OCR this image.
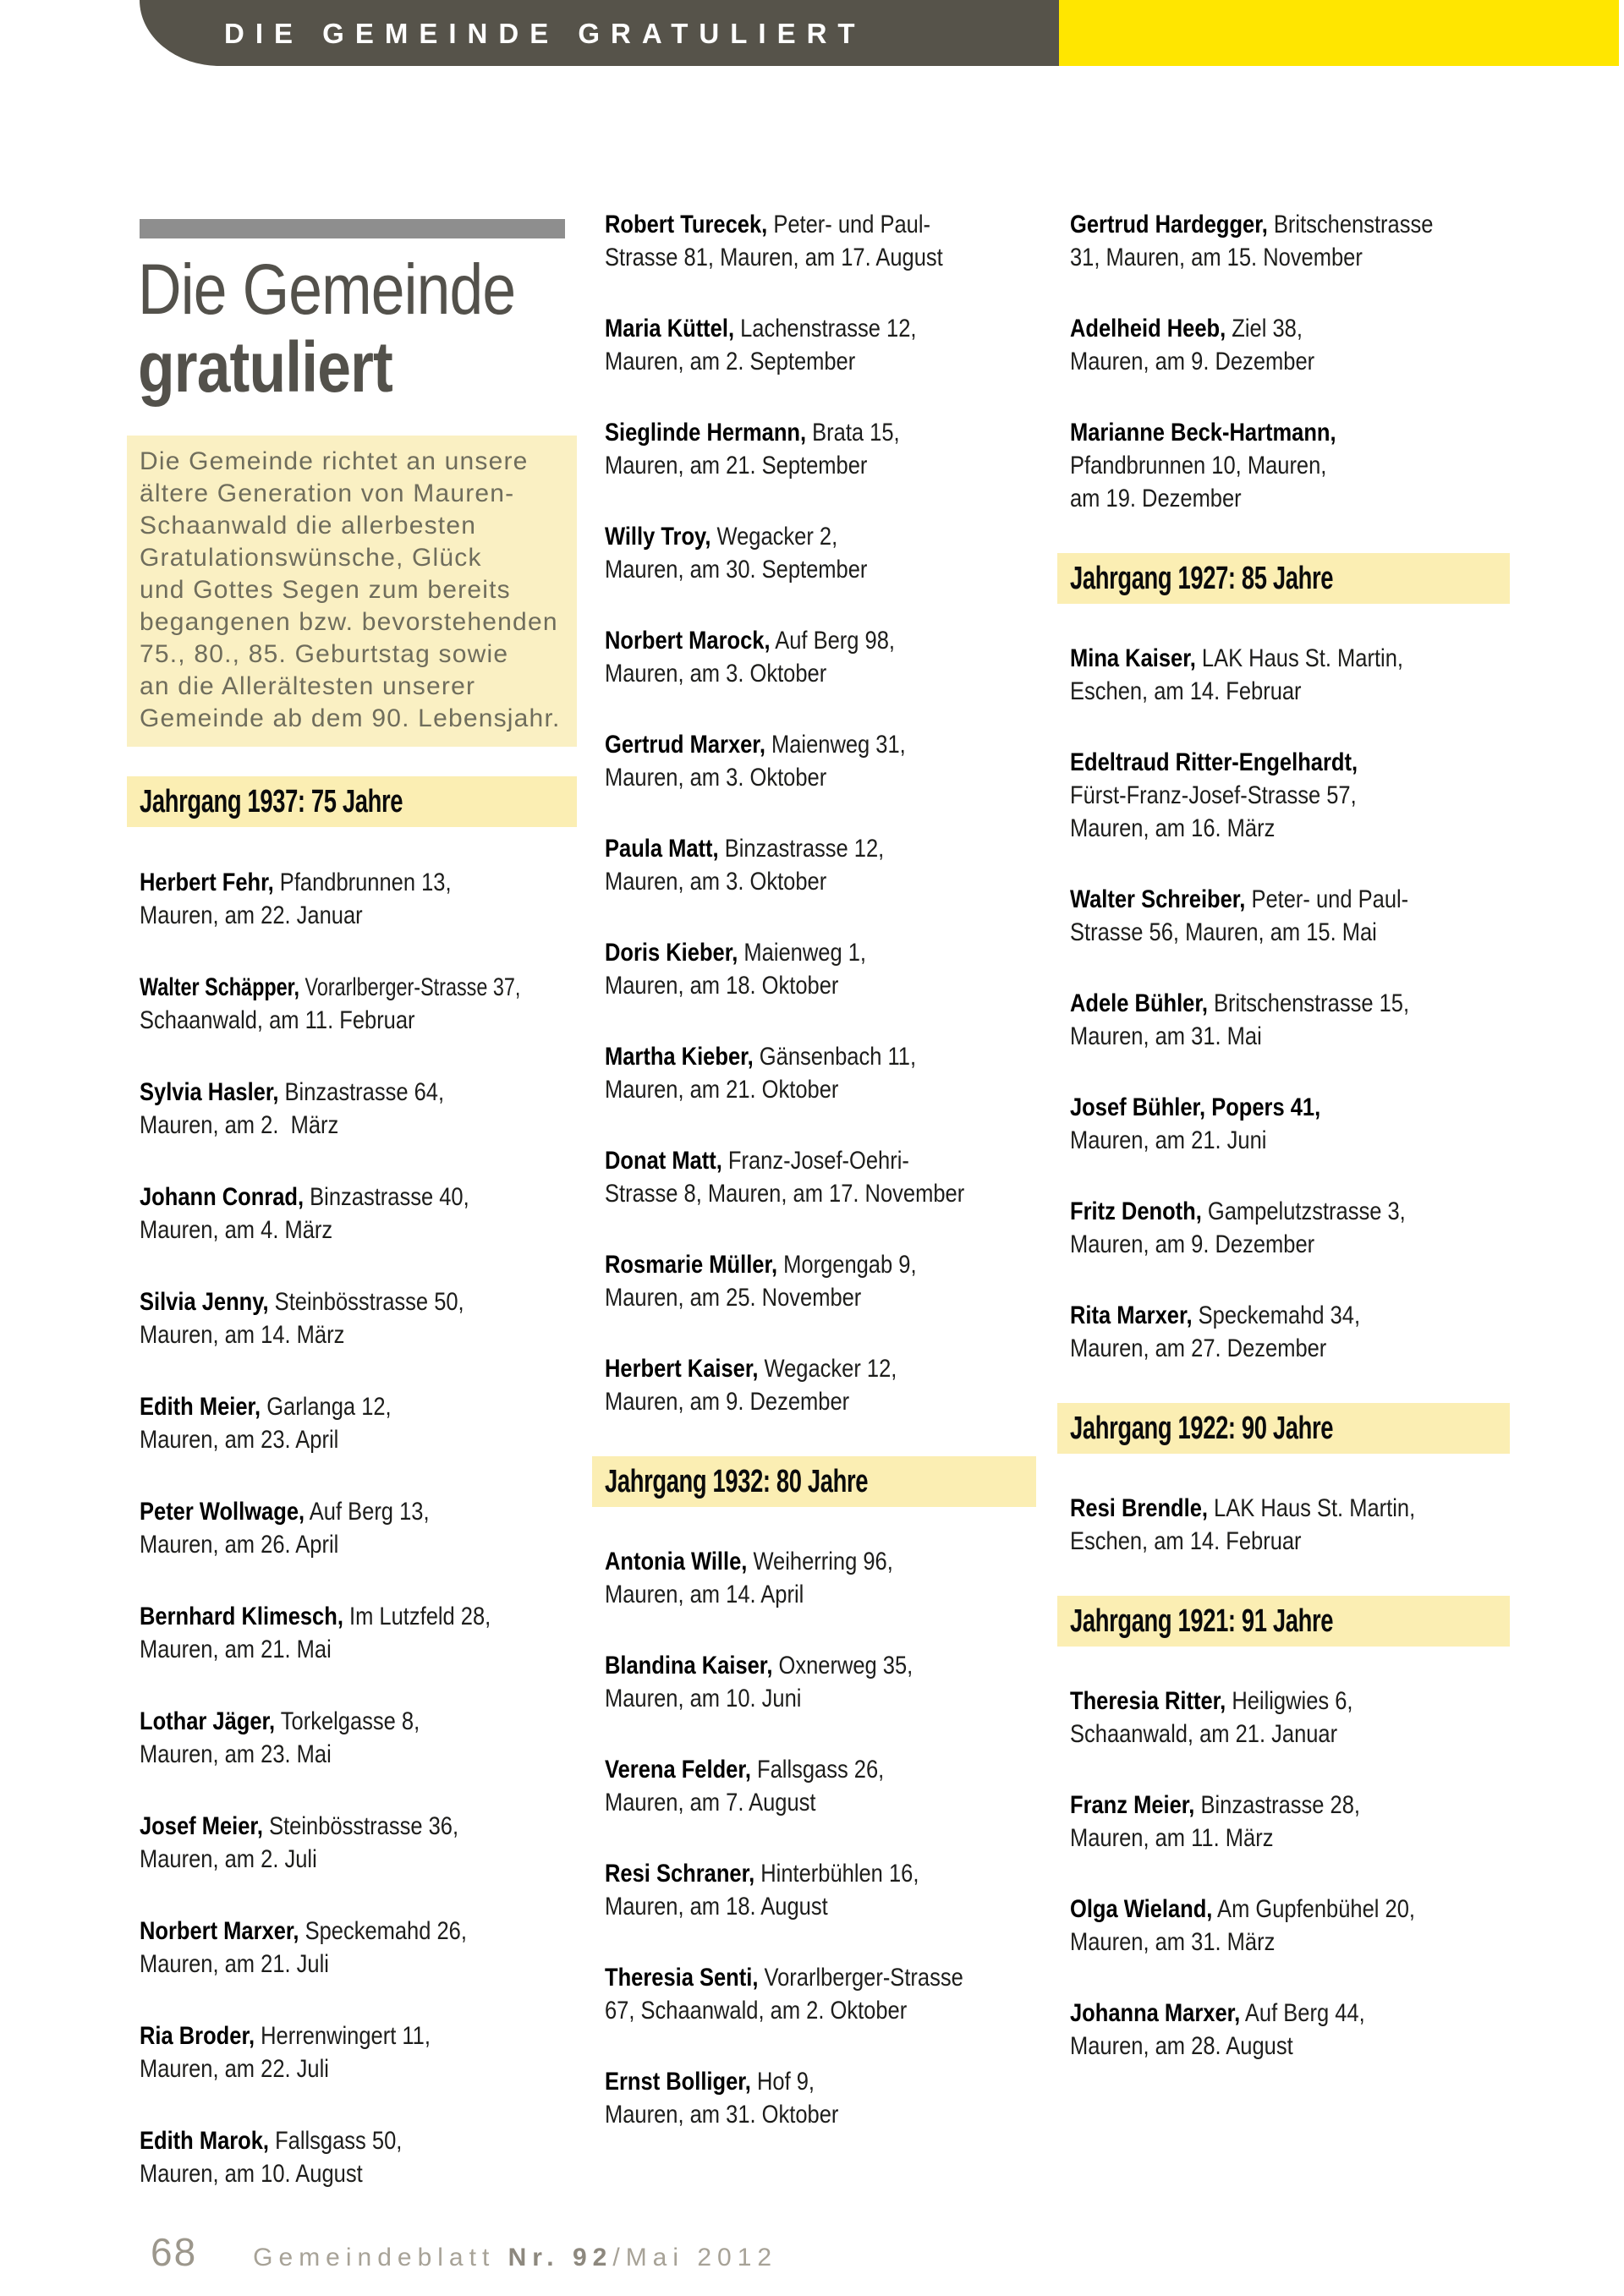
DIE GEMEINDE GRATULIERT
Die Gemeinde
gratuliert
Die Gemeinde richtet an unsere
ältere Generation von Mauren-
Schaanwald die allerbesten
Gratulationswünsche, Glück
und Gottes Segen zum bereits
begangenen bzw. bevorstehenden
75., 80., 85. Geburtstag sowie
an die Allerältesten unserer
Gemeinde ab dem 90. Lebensjahr.
Jahrgang 1937: 75 Jahre

Herbert Fehr, Pfandbrunnen 13,

Mauren, am 22. Januar

Walter Schäpper, Vorarlberger-Strasse 37,

Schaanwald, am 11. Februar

Sylvia Hasler, Binzastrasse 64,

Mauren, am 2.  März

Johann Conrad, Binzastrasse 40,

Mauren, am 4. März

Silvia Jenny, Steinbösstrasse 50,

Mauren, am 14. März

Edith Meier, Garlanga 12,

Mauren, am 23. April

Peter Wollwage, Auf Berg 13,

Mauren, am 26. April

Bernhard Klimesch, Im Lutzfeld 28,

Mauren, am 21. Mai

Lothar Jäger, Torkelgasse 8,

Mauren, am 23. Mai

Josef Meier, Steinbösstrasse 36,

Mauren, am 2. Juli

Norbert Marxer, Speckemahd 26,

Mauren, am 21. Juli

Ria Broder, Herrenwingert 11,

Mauren, am 22. Juli

Edith Marok, Fallsgass 50,

Mauren, am 10. August

Robert Turecek, Peter- und Paul-

Strasse 81, Mauren, am 17. August

Maria Küttel, Lachenstrasse 12,

Mauren, am 2. September

Sieglinde Hermann, Brata 15,

Mauren, am 21. September

Willy Troy, Wegacker 2,

Mauren, am 30. September

Norbert Marock, Auf Berg 98,

Mauren, am 3. Oktober

Gertrud Marxer, Maienweg 31,

Mauren, am 3. Oktober

Paula Matt, Binzastrasse 12,

Mauren, am 3. Oktober

Doris Kieber, Maienweg 1,

Mauren, am 18. Oktober

Martha Kieber, Gänsenbach 11,

Mauren, am 21. Oktober

Donat Matt, Franz-Josef-Oehri-

Strasse 8, Mauren, am 17. November

Rosmarie Müller, Morgengab 9,

Mauren, am 25. November

Herbert Kaiser, Wegacker 12,

Mauren, am 9. Dezember

Jahrgang 1932: 80 Jahre

Antonia Wille, Weiherring 96,

Mauren, am 14. April

Blandina Kaiser, Oxnerweg 35,

Mauren, am 10. Juni

Verena Felder, Fallsgass 26,

Mauren, am 7. August

Resi Schraner, Hinterbühlen 16,

Mauren, am 18. August

Theresia Senti, Vorarlberger-Strasse

67, Schaanwald, am 2. Oktober

Ernst Bolliger, Hof 9,

Mauren, am 31. Oktober

Gertrud Hardegger, Britschenstrasse

31, Mauren, am 15. November

Adelheid Heeb, Ziel 38,

Mauren, am 9. Dezember

Marianne Beck-Hartmann,

Pfandbrunnen 10, Mauren,

am 19. Dezember

Jahrgang 1927: 85 Jahre

Mina Kaiser, LAK Haus St. Martin,

Eschen, am 14. Februar

Edeltraud Ritter-Engelhardt,

Fürst-Franz-Josef-Strasse 57,

Mauren, am 16. März

Walter Schreiber, Peter- und Paul-

Strasse 56, Mauren, am 15. Mai

Adele Bühler, Britschenstrasse 15,

Mauren, am 31. Mai

Josef Bühler, Popers 41,

Mauren, am 21. Juni

Fritz Denoth, Gampelutzstrasse 3,

Mauren, am 9. Dezember

Rita Marxer, Speckemahd 34,

Mauren, am 27. Dezember

Jahrgang 1922: 90 Jahre

Resi Brendle, LAK Haus St. Martin,

Eschen, am 14. Februar

Jahrgang 1921: 91 Jahre

Theresia Ritter, Heiligwies 6,

Schaanwald, am 21. Januar

Franz Meier, Binzastrasse 28,

Mauren, am 11. März

Olga Wieland, Am Gupfenbühel 20,

Mauren, am 31. März

Johanna Marxer, Auf Berg 44,

Mauren, am 28. August

68 Gemeindeblatt Nr. 92/Mai 2012
